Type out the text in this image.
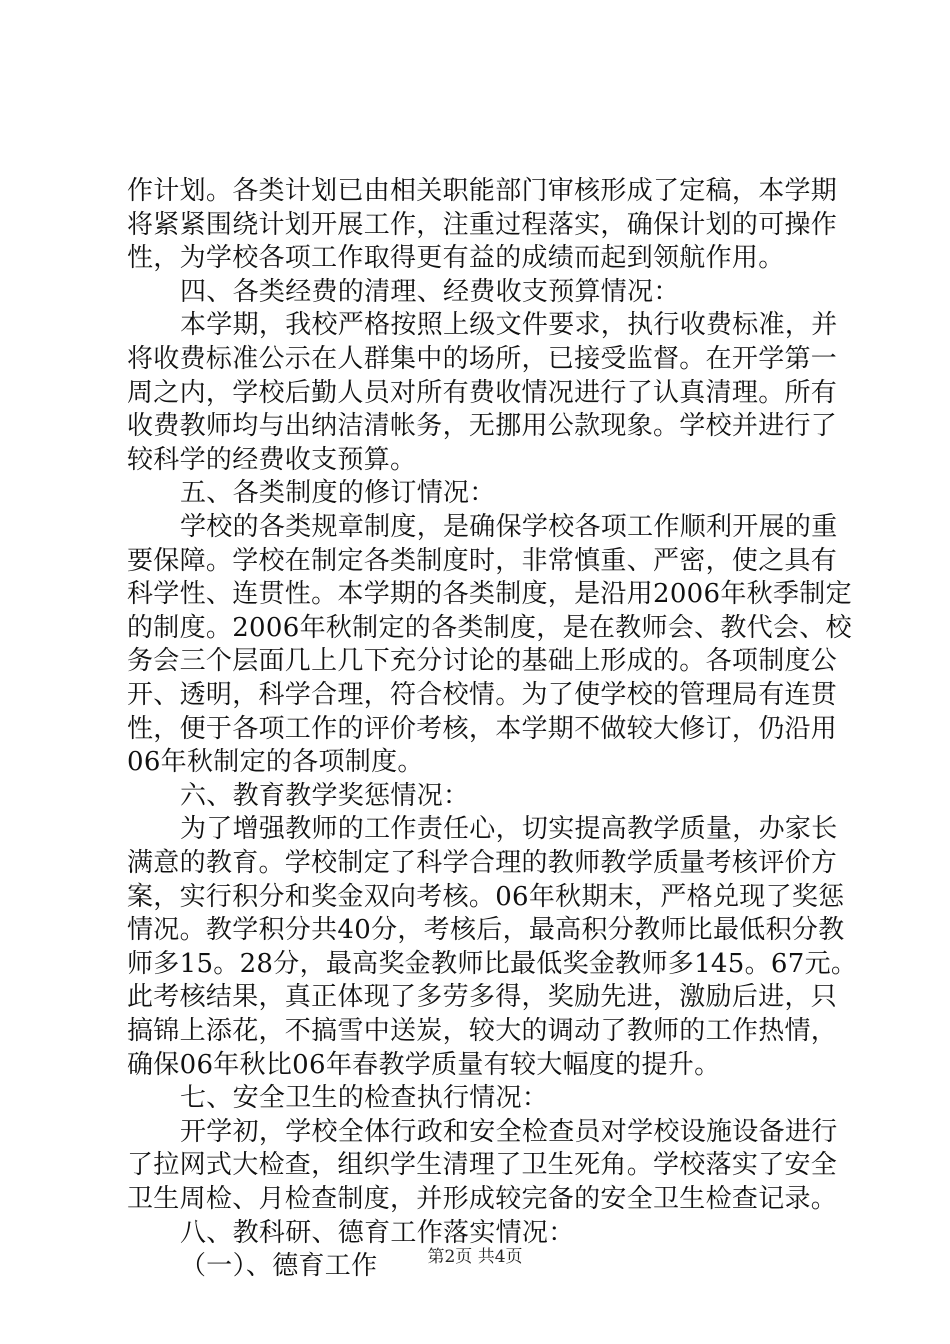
作计划。各类计划已由相关职能部门审核形成了定稿，本学期
将紧紧围绕计划开展工作，注重过程落实，确保计划的可操作
性，为学校各项工作取得更有益的成绩而起到领航作用。
四、各类经费的清理、经费收支预算情况：
本学期，我校严格按照上级文件要求，执行收费标准，并
将收费标准公示在人群集中的场所，已接受监督。在开学第一
周之内，学校后勤人员对所有费收情况进行了认真清理。所有
收费教师均与出纳洁清帐务，无挪用公款现象。学校并进行了
较科学的经费收支预算。
五、各类制度的修订情况：
学校的各类规章制度，是确保学校各项工作顺利开展的重
要保障。学校在制定各类制度时，非常慎重、严密，使之具有
科学性、连贯性。本学期的各类制度，是沿用2006年秋季制定
的制度。2006年秋制定的各类制度，是在教师会、教代会、校
务会三个层面几上几下充分讨论的基础上形成的。各项制度公
开、透明，科学合理，符合校情。为了使学校的管理局有连贯
性，便于各项工作的评价考核，本学期不做较大修订，仍沿用
06年秋制定的各项制度。
六、教育教学奖惩情况：
为了增强教师的工作责任心，切实提高教学质量，办家长
满意的教育。学校制定了科学合理的教师教学质量考核评价方
案，实行积分和奖金双向考核。06年秋期末，严格兑现了奖惩
情况。教学积分共40分，考核后，最高积分教师比最低积分教
师多15。28分，最高奖金教师比最低奖金教师多145。67元。
此考核结果，真正体现了多劳多得，奖励先进，激励后进，只
搞锦上添花，不搞雪中送炭，较大的调动了教师的工作热情，
确保06年秋比06年春教学质量有较大幅度的提升。
七、安全卫生的检查执行情况：
开学初，学校全体行政和安全检查员对学校设施设备进行
了拉网式大检查，组织学生清理了卫生死角。学校落实了安全
卫生周检、月检查制度，并形成较完备的安全卫生检查记录。
八、教科研、德育工作落实情况：
（一）、德育工作	第2页 共4页
